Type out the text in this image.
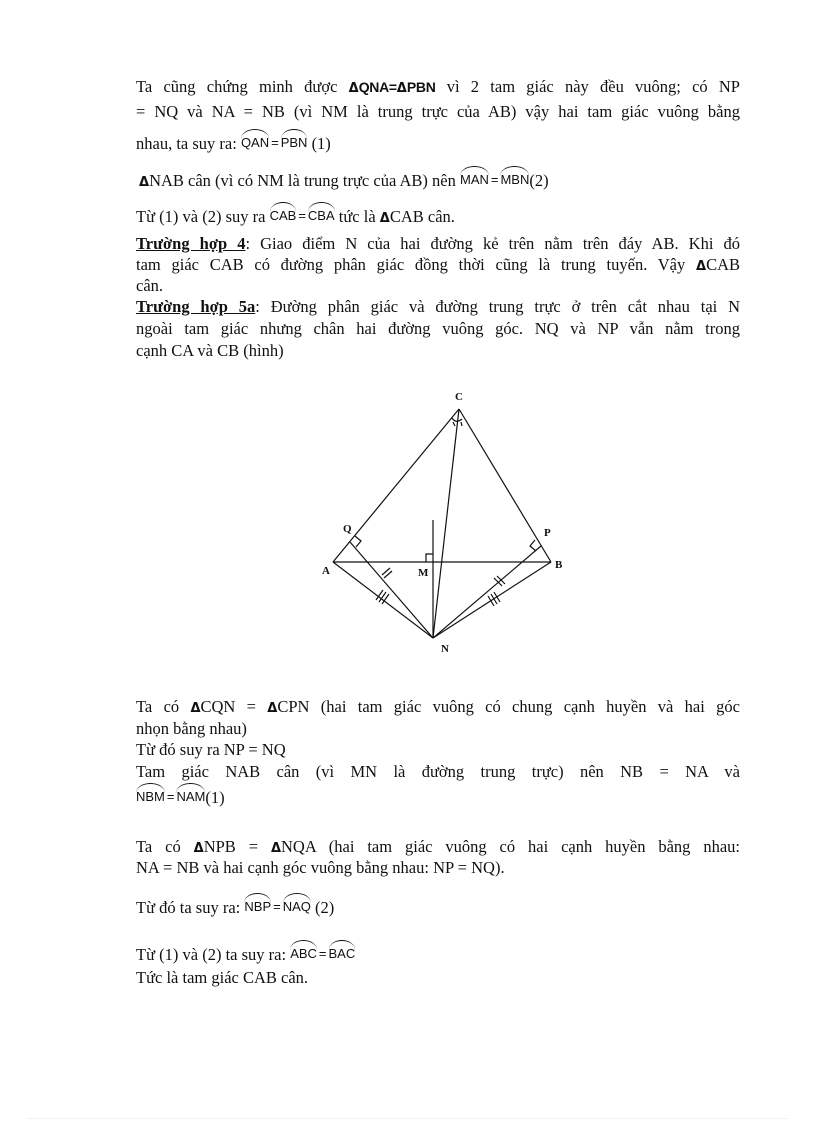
Ta cũng chứng minh được ΔQNA=ΔPBN vì 2 tam giác này đều vuông; có NP
= NQ và NA = NB (vì NM là trung trực của AB) vậy hai tam giác vuông bằng
nhau, ta suy ra: QAN = PBN (1)
ΔNAB cân (vì có NM là trung trực của AB) nên MAN = MBN(2)
Từ (1) và (2) suy ra CAB = CBA tức là ΔCAB cân.
Trường hợp 4: Giao điểm N của hai đường kẻ trên nằm trên đáy AB. Khi đó
tam giác CAB có đường phân giác đồng thời cũng là trung tuyến. Vậy ΔCAB
cân.
Trường hợp 5a: Đường phân giác và đường trung trực ở trên cắt nhau tại N
ngoài tam giác nhưng chân hai đường vuông góc. NQ và NP vẫn nằm trong
cạnh CA và CB (hình)
C
Q	P
A	M
B
N
Ta có ΔCQN = ΔCPN (hai tam giác vuông có chung cạnh huyền và hai góc
nhọn bằng nhau)
Từ đó suy ra NP = NQ
Tam giác NAB cân (vì MN là đường trung trực) nên NB = NA và
NBM = NAM(1)
Ta có ΔNPB = ΔNQA (hai tam giác vuông có hai cạnh huyền bằng nhau:
NA = NB và hai cạnh góc vuông bằng nhau: NP = NQ).
Từ đó ta suy ra: NBP = NAQ (2)
Từ (1) và (2) ta suy ra: ABC = BAC
Tức là tam giác CAB cân.
